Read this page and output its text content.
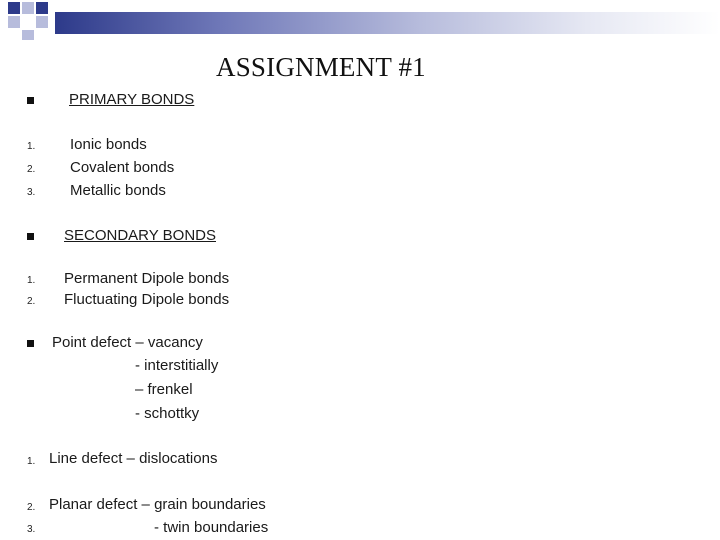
ASSIGNMENT #1
PRIMARY BONDS
1. Ionic bonds
2. Covalent bonds
3. Metallic bonds
SECONDARY BONDS
1. Permanent Dipole bonds
2. Fluctuating Dipole bonds
Point defect – vacancy
- interstitially
– frenkel
- schottky
1. Line defect – dislocations
2. Planar defect – grain boundaries
3.	- twin boundaries
